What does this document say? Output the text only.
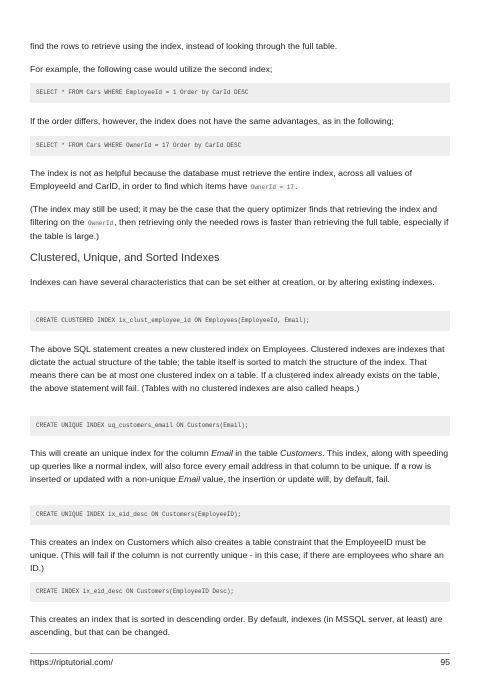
find the rows to retrieve using the index, instead of looking through the full table.

For example, the following case would utilize the second index;

SELECT * FROM Cars WHERE EmployeeId = 1 Order by CarId DESC

If the order differs, however, the index does not have the same advantages, as in the following;

SELECT * FROM Cars WHERE OwnerId = 17 Order by CarId DESC

The index is not as helpful because the database must retrieve the entire index, across all values of EmployeeId and CarID, in order to find which items have OwnerId = 17.

(The index may still be used; it may be the case that the query optimizer finds that retrieving the index and filtering on the OwnerId, then retrieving only the needed rows is faster than retrieving the full table, especially if the table is large.)

Clustered, Unique, and Sorted Indexes

Indexes can have several characteristics that can be set either at creation, or by altering existing indexes.

CREATE CLUSTERED INDEX ix_clust_employee_id ON Employees(EmployeeId, Email);

The above SQL statement creates a new clustered index on Employees. Clustered indexes are indexes that dictate the actual structure of the table; the table itself is sorted to match the structure of the index. That means there can be at most one clustered index on a table. If a clustered index already exists on the table, the above statement will fail. (Tables with no clustered indexes are also called heaps.)

CREATE UNIQUE INDEX uq_customers_email ON Customers(Email);

This will create an unique index for the column Email in the table Customers. This index, along with speeding up queries like a normal index, will also force every email address in that column to be unique. If a row is inserted or updated with a non-unique Email value, the insertion or update will, by default, fail.

CREATE UNIQUE INDEX ix_eid_desc ON Customers(EmployeeID);

This creates an index on Customers which also creates a table constraint that the EmployeeID must be unique. (This will fail if the column is not currently unique - in this case, if there are employees who share an ID.)

CREATE INDEX ix_eid_desc ON Customers(EmployeeID Desc);

This creates an index that is sorted in descending order. By default, indexes (in MSSQL server, at least) are ascending, but that can be changed.

https://riptutorial.com/	95
